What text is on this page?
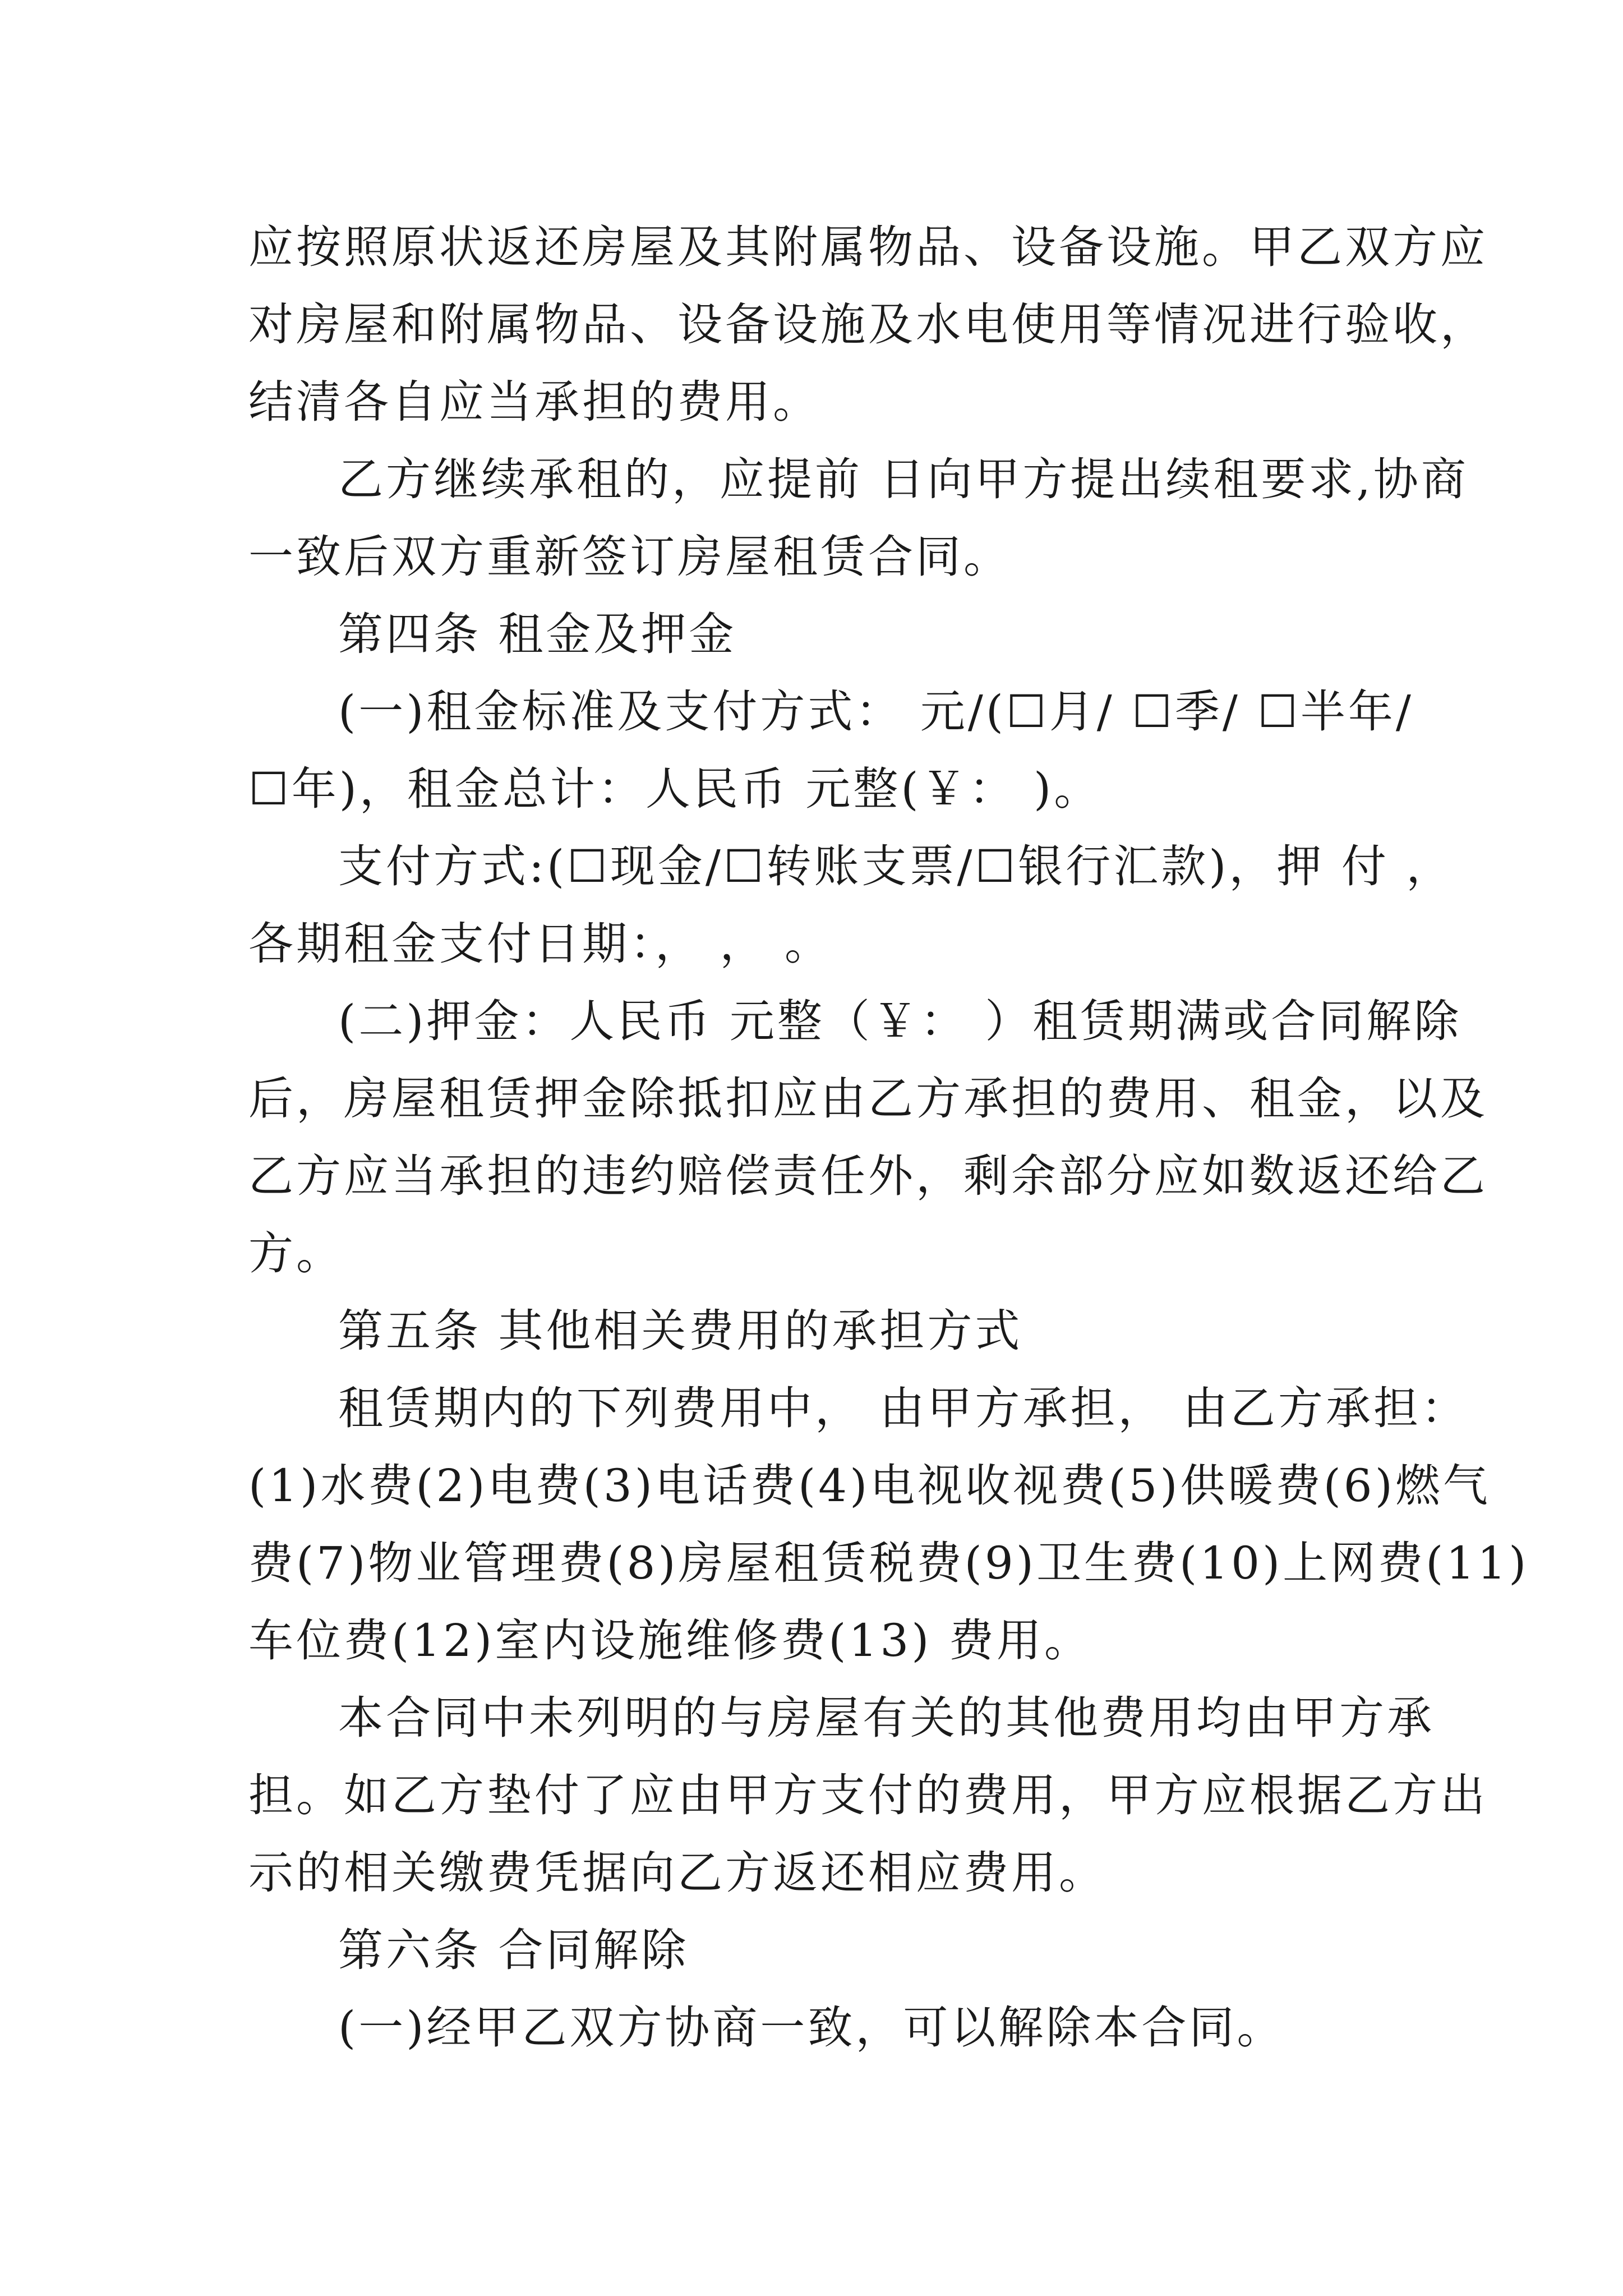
应按照原状返还房屋及其附属物品、设备设施。甲乙双方应
对房屋和附属物品、设备设施及水电使用等情况进行验收，
结清各自应当承担的费用。
乙方继续承租的，应提前 日向甲方提出续租要求,协商
一致后双方重新签订房屋租赁合同。
第四条 租金及押金
(一)租金标准及支付方式： 元/(☐月/ ☐季/ ☐半年/
☐年)，租金总计：人民币 元整(￥： )。
支付方式:(☐现金/☐转账支票/☐银行汇款)，押 付 ，
各期租金支付日期：， ， 。
(二)押金：人民币 元整（￥： ）租赁期满或合同解除
后，房屋租赁押金除抵扣应由乙方承担的费用、租金，以及
乙方应当承担的违约赔偿责任外，剩余部分应如数返还给乙
方。
第五条 其他相关费用的承担方式
租赁期内的下列费用中， 由甲方承担， 由乙方承担：
(1)水费(2)电费(3)电话费(4)电视收视费(5)供暖费(6)燃气
费(7)物业管理费(8)房屋租赁税费(9)卫生费(10)上网费(11)
车位费(12)室内设施维修费(13) 费用。
本合同中未列明的与房屋有关的其他费用均由甲方承
担。如乙方垫付了应由甲方支付的费用，甲方应根据乙方出
示的相关缴费凭据向乙方返还相应费用。
第六条 合同解除
(一)经甲乙双方协商一致，可以解除本合同。
